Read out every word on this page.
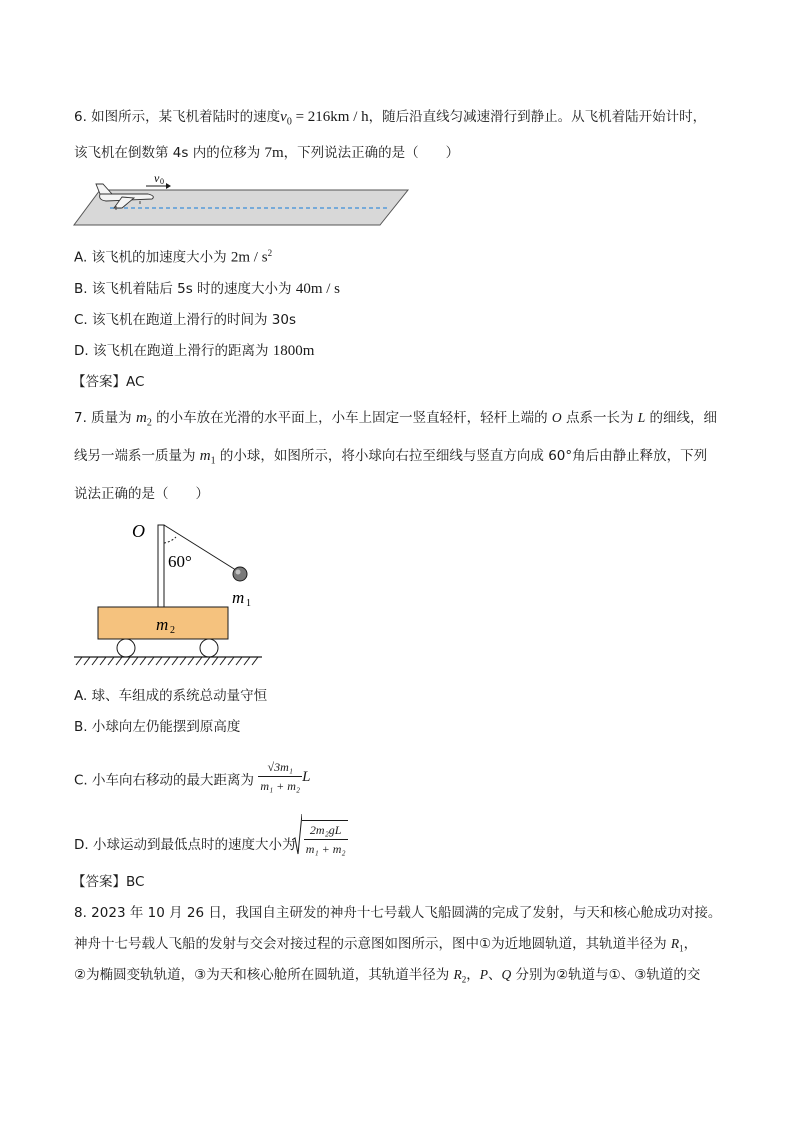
6. 如图所示，某飞机着陆时的速度$v_0 = 216km / h$，随后沿直线匀减速滑行到静止。从飞机着陆开始计时，
该飞机在倒数第 4s 内的位移为 7m，下列说法正确的是（　　）
v 0
A. 该飞机的加速度大小为 $2m / s^2$
B. 该飞机着陆后 5s 时的速度大小为 40m / s
C. 该飞机在跑道上滑行的时间为 30s
D. 该飞机在跑道上滑行的距离为 1800m
【答案】AC
7. 质量为 $m_2$ 的小车放在光滑的水平面上，小车上固定一竖直轻杆，轻杆上端的 O 点系一长为 L 的细线，细
线另一端系一质量为 $m_1$ 的小球，如图所示，将小球向右拉至细线与竖直方向成 60°角后由静止释放，下列
说法正确的是（　　）
O
60°
m 1
m 2
A. 球、车组成的系统总动量守恒
B. 小球向左仍能摆到原高度
C. 小车向右移动的最大距离为 $\frac{\text{√3m₁}}{\text{m₁ + m₂}}$ L
D. 小球运动到最低点时的速度大小为 $\frac{\text{2m₂gL}}{\text{m₁ + m₂}}$
【答案】BC
8. 2023 年 10 月 26 日，我国自主研发的神舟十七号载人飞船圆满的完成了发射，与天和核心舱成功对接。
神舟十七号载人飞船的发射与交会对接过程的示意图如图所示，图中①为近地圆轨道，其轨道半径为 $R_1$，
②为椭圆变轨轨道，③为天和核心舱所在圆轨道，其轨道半径为 $R_2$，P、Q 分别为②轨道与①、③轨道的交
